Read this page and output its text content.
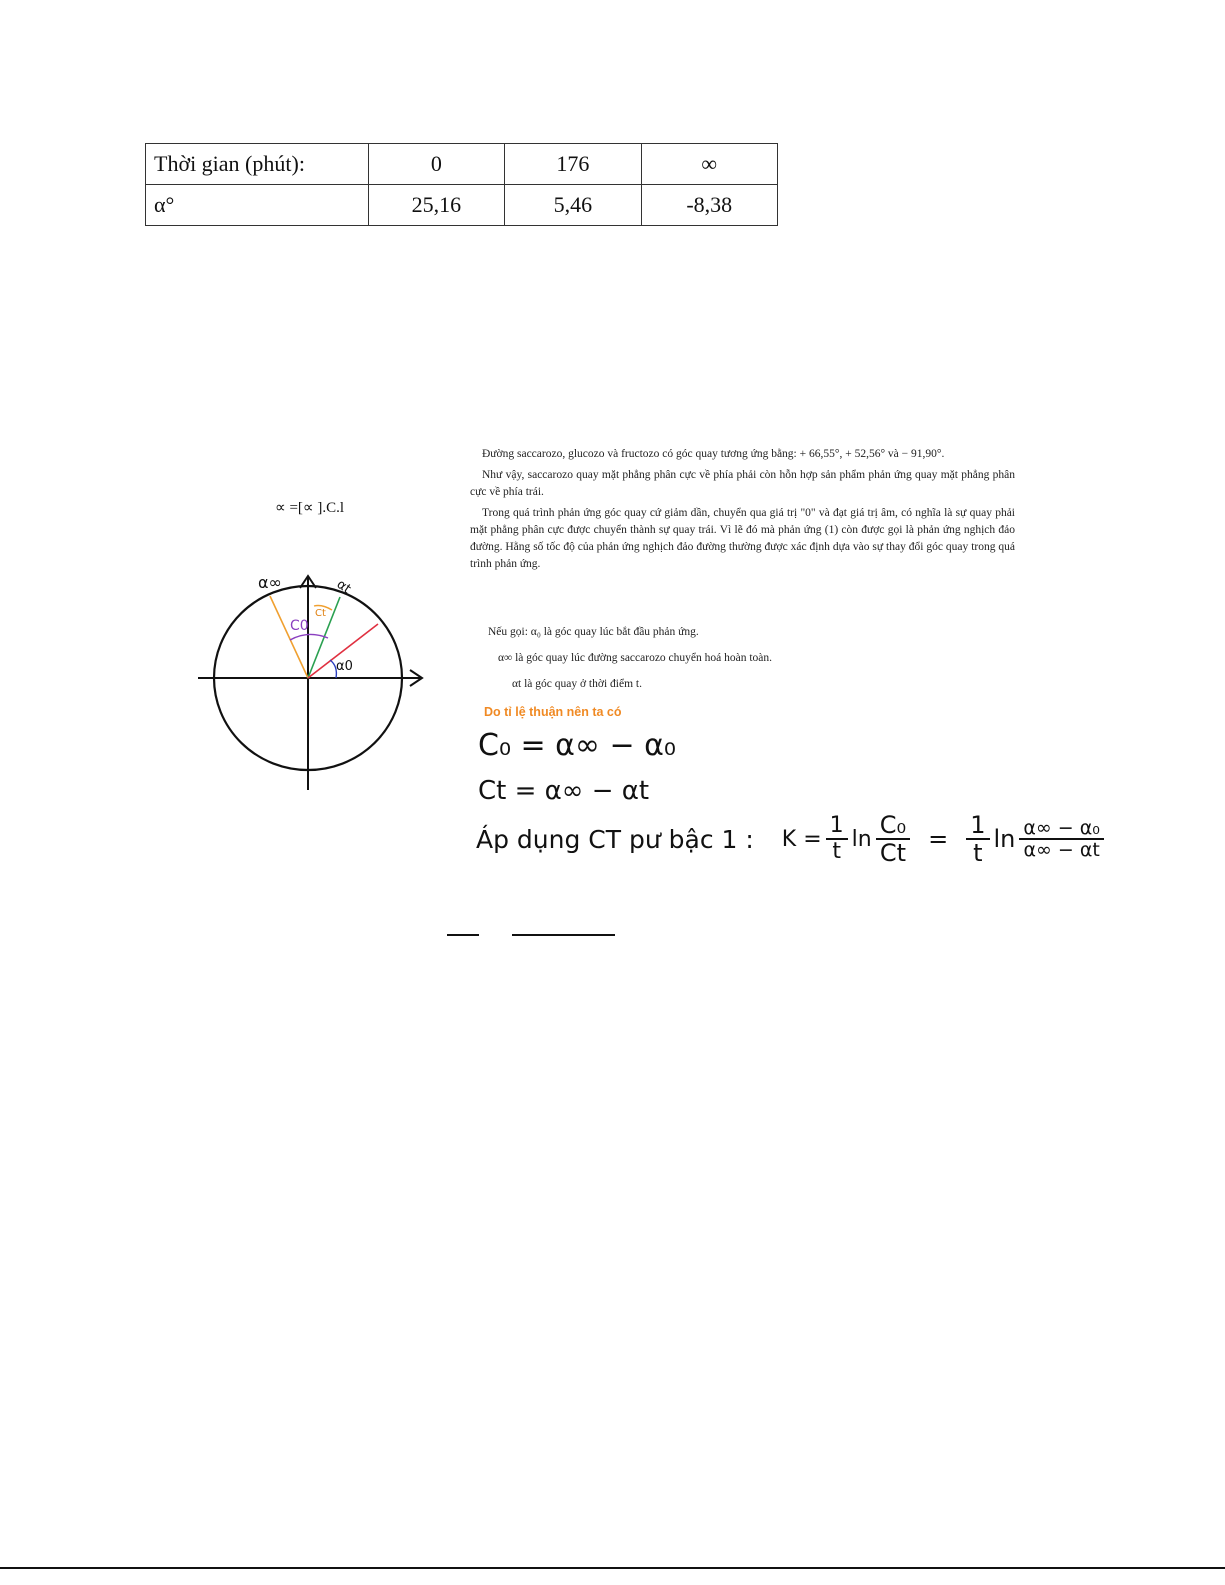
Thời gian (phút):	0	176	∞
α°	25,16	5,46	-8,38
∝ =[∝ ].C.l
α∞	αt
C0
Ct
α0

Đường saccarozo, glucozo và fructozo có góc quay tương ứng bằng: + 66,55°, + 52,56° và − 91,90°.

Như vậy, saccarozo quay mặt phẳng phân cực về phía phải còn hỗn hợp sản phẩm phản ứng quay mặt phẳng phân cực về phía trái.

Trong quá trình phản ứng góc quay cứ giảm dần, chuyển qua giá trị "0" và đạt giá trị âm, có nghĩa là sự quay phải mặt phẳng phân cực được chuyển thành sự quay trái. Vì lẽ đó mà phản ứng (1) còn được gọi là phản ứng nghịch đảo đường. Hằng số tốc độ của phản ứng nghịch đảo đường thường được xác định dựa vào sự thay đổi góc quay trong quá trình phản ứng.

Nếu gọi: α₀ là góc quay lúc bắt đầu phản ứng.
α∞ là góc quay lúc đường saccarozo chuyển hoá hoàn toàn.
αt là góc quay ở thời điểm t.
Do tỉ lệ thuận nên ta có
C₀ = α∞ − α₀
Ct = α∞ − αt
Áp dụng CT pư bậc 1 : $K = \frac{1}{t}$ $\ln \frac{\text{C₀}}{Ct} = \frac{1}{t}$ $\ln \frac{\text{α∞ − α₀}}{\alpha\infty - \alpha t}$
